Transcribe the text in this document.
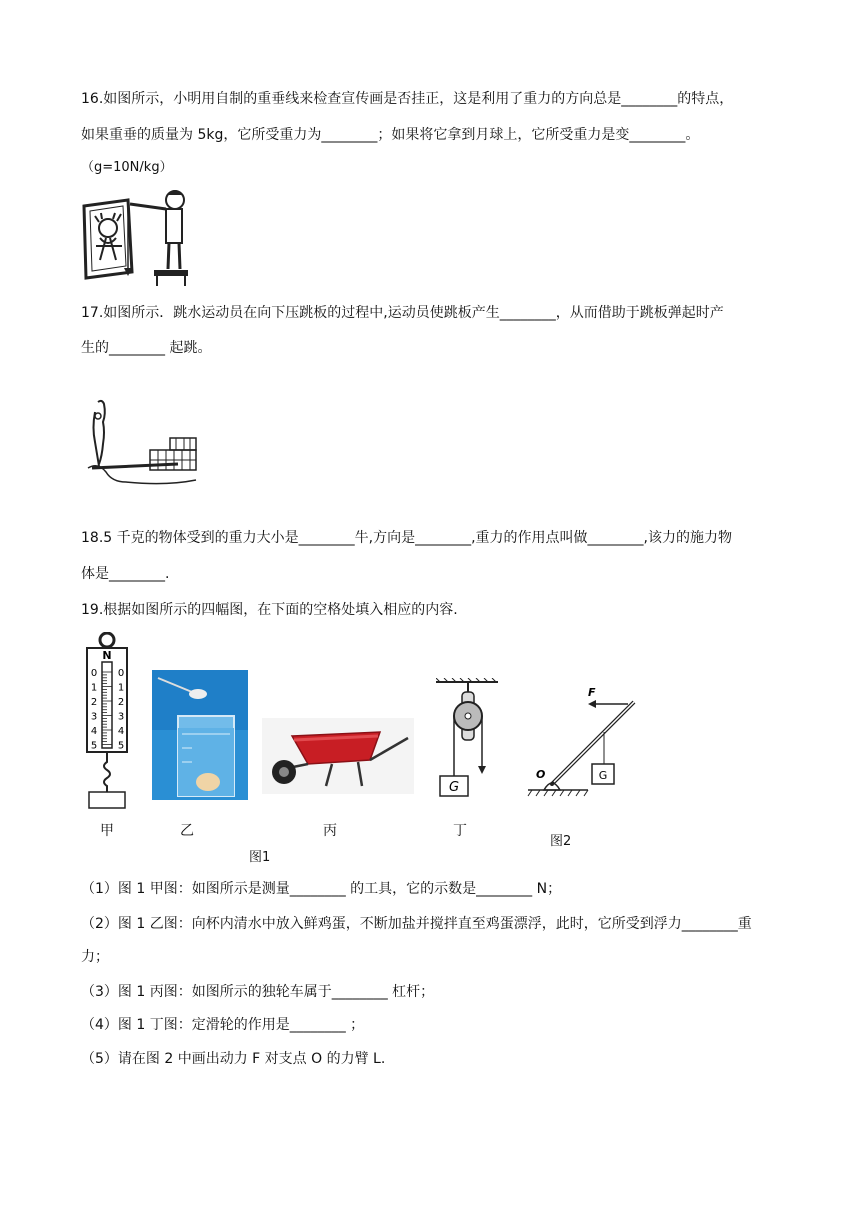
16.如图所示，小明用自制的重垂线来检查宣传画是否挂正，这是利用了重力的方向总是________的特点，
如果重垂的质量为 5kg，它所受重力为________；如果将它拿到月球上，它所受重力是变________。
（g=10N/kg）
17.如图所示．跳水运动员在向下压跳板的过程中,运动员使跳板产生________，从而借助于跳板弹起时产
生的________ 起跳。
18.5 千克的物体受到的重力大小是________牛,方向是________,重力的作用点叫做________,该力的施力物
体是________.
19.根据如图所示的四幅图，在下面的空格处填入相应的内容.
N
0 0
1 1
2 2
3 3
4 4
5 5
G
F
G
O
甲	乙	丙	丁
图2
图1
（1）图 1 甲图：如图所示是测量________ 的工具，它的示数是________ N；
（2）图 1 乙图：向杯内清水中放入鲜鸡蛋，不断加盐并搅拌直至鸡蛋漂浮，此时，它所受到浮力________重
力；
（3）图 1 丙图：如图所示的独轮车属于________ 杠杆；
（4）图 1 丁图：定滑轮的作用是________ ；
（5）请在图 2 中画出动力 F 对支点 O 的力臂 L.
